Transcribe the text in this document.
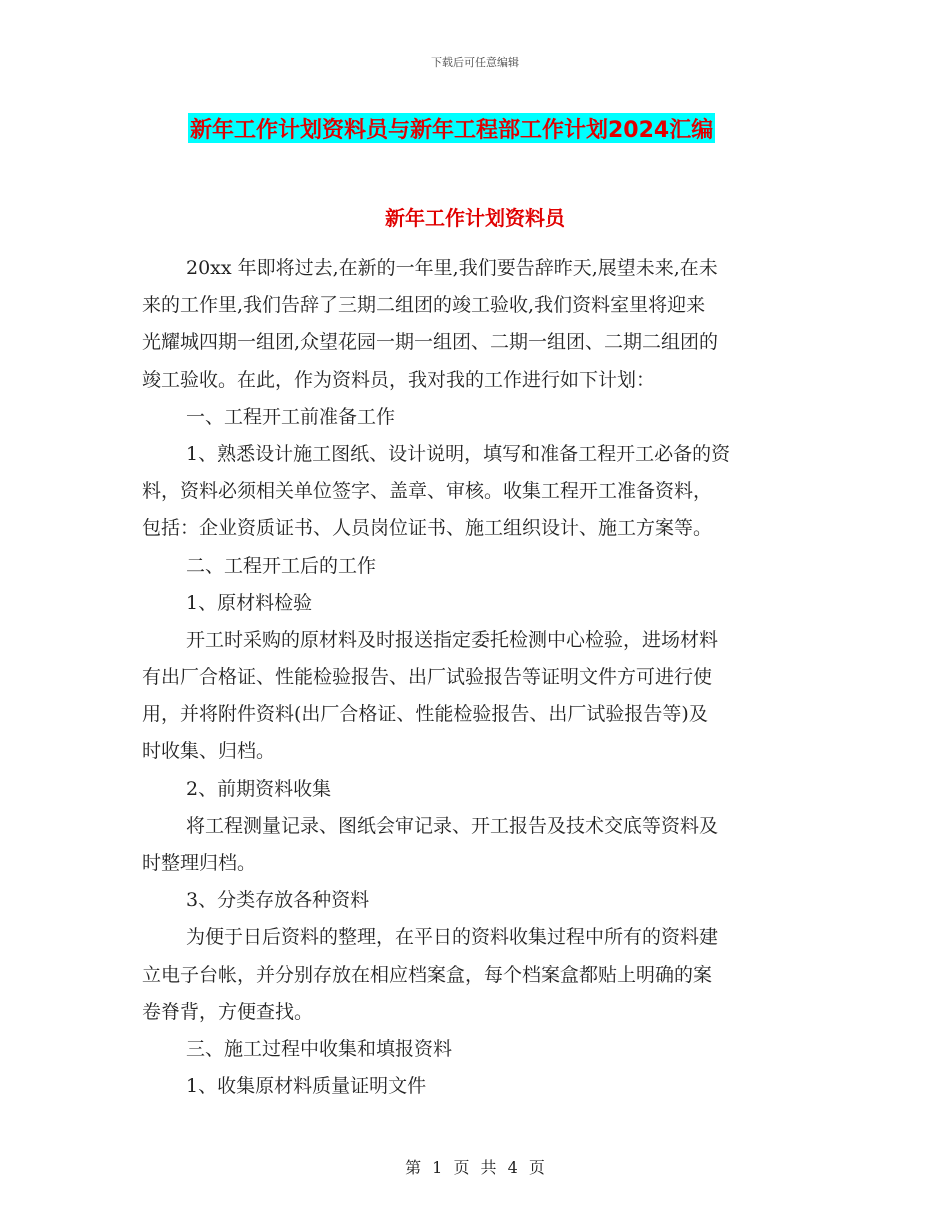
下载后可任意编辑
新年工作计划资料员与新年工程部工作计划2024汇编
新年工作计划资料员
20xx 年即将过去,在新的一年里,我们要告辞昨天,展望未来,在未
来的工作里,我们告辞了三期二组团的竣工验收,我们资料室里将迎来
光耀城四期一组团,众望花园一期一组团、二期一组团、二期二组团的
竣工验收。在此，作为资料员，我对我的工作进行如下计划：
一、工程开工前准备工作
1、熟悉设计施工图纸、设计说明，填写和准备工程开工必备的资
料，资料必须相关单位签字、盖章、审核。收集工程开工准备资料，
包括：企业资质证书、人员岗位证书、施工组织设计、施工方案等。
二、工程开工后的工作
1、原材料检验
开工时采购的原材料及时报送指定委托检测中心检验，进场材料
有出厂合格证、性能检验报告、出厂试验报告等证明文件方可进行使
用，并将附件资料(出厂合格证、性能检验报告、出厂试验报告等)及
时收集、归档。
2、前期资料收集
将工程测量记录、图纸会审记录、开工报告及技术交底等资料及
时整理归档。
3、分类存放各种资料
为便于日后资料的整理，在平日的资料收集过程中所有的资料建
立电子台帐，并分别存放在相应档案盒，每个档案盒都贴上明确的案
卷脊背，方便查找。
三、施工过程中收集和填报资料
1、收集原材料质量证明文件
第 1 页 共 4 页
